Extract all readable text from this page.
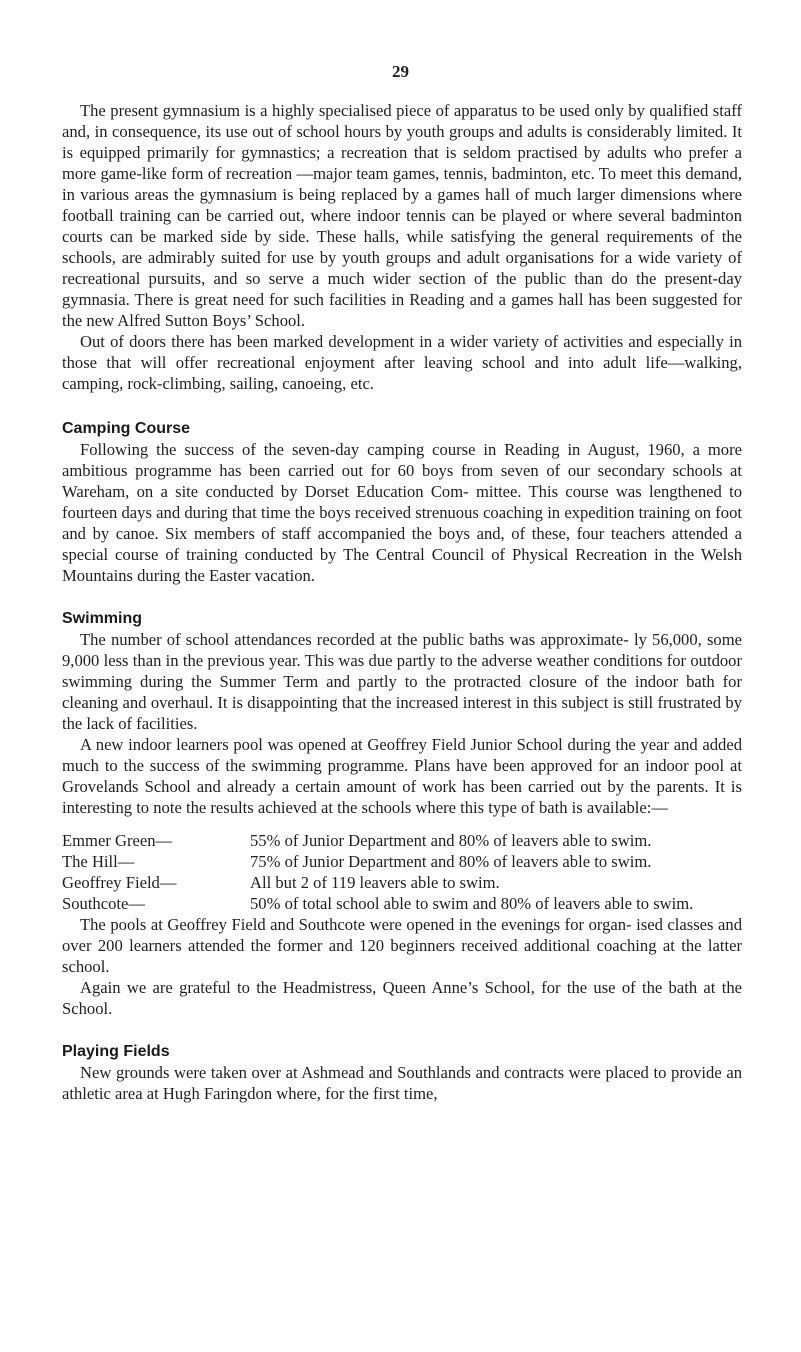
29

The present gymnasium is a highly specialised piece of apparatus to be used only by qualified staff and, in consequence, its use out of school hours by youth groups and adults is considerably limited. It is equipped primarily for gymnastics; a recreation that is seldom practised by adults who prefer a more game-like form of recreation —major team games, tennis, badminton, etc. To meet this demand, in various areas the gymnasium is being replaced by a games hall of much larger dimensions where football training can be carried out, where indoor tennis can be played or where several badminton courts can be marked side by side. These halls, while satisfying the general requirements of the schools, are admirably suited for use by youth groups and adult organisations for a wide variety of recreational pursuits, and so serve a much wider section of the public than do the present-day gymnasia. There is great need for such facilities in Reading and a games hall has been suggested for the new Alfred Sutton Boys’ School.

Out of doors there has been marked development in a wider variety of activities and especially in those that will offer recreational enjoyment after leaving school and into adult life—walking, camping, rock-climbing, sailing, canoeing, etc.

Camping Course

Following the success of the seven-day camping course in Reading in August, 1960, a more ambitious programme has been carried out for 60 boys from seven of our secondary schools at Wareham, on a site conducted by Dorset Education Com- mittee. This course was lengthened to fourteen days and during that time the boys received strenuous coaching in expedition training on foot and by canoe. Six members of staff accompanied the boys and, of these, four teachers attended a special course of training conducted by The Central Council of Physical Recreation in the Welsh Mountains during the Easter vacation.

Swimming

The number of school attendances recorded at the public baths was approximate- ly 56,000, some 9,000 less than in the previous year. This was due partly to the adverse weather conditions for outdoor swimming during the Summer Term and partly to the protracted closure of the indoor bath for cleaning and overhaul. It is disappointing that the increased interest in this subject is still frustrated by the lack of facilities.

A new indoor learners pool was opened at Geoffrey Field Junior School during the year and added much to the success of the swimming programme. Plans have been approved for an indoor pool at Grovelands School and already a certain amount of work has been carried out by the parents. It is interesting to note the results achieved at the schools where this type of bath is available:—

Emmer Green—	55% of Junior Department and 80% of leavers able to swim.
The Hill—	75% of Junior Department and 80% of leavers able to swim.
Geoffrey Field—	All but 2 of 119 leavers able to swim.
Southcote—	50% of total school able to swim and 80% of leavers able to swim.

The pools at Geoffrey Field and Southcote were opened in the evenings for organ- ised classes and over 200 learners attended the former and 120 beginners received additional coaching at the latter school.

Again we are grateful to the Headmistress, Queen Anne’s School, for the use of the bath at the School.

Playing Fields

New grounds were taken over at Ashmead and Southlands and contracts were placed to provide an athletic area at Hugh Faringdon where, for the first time,
